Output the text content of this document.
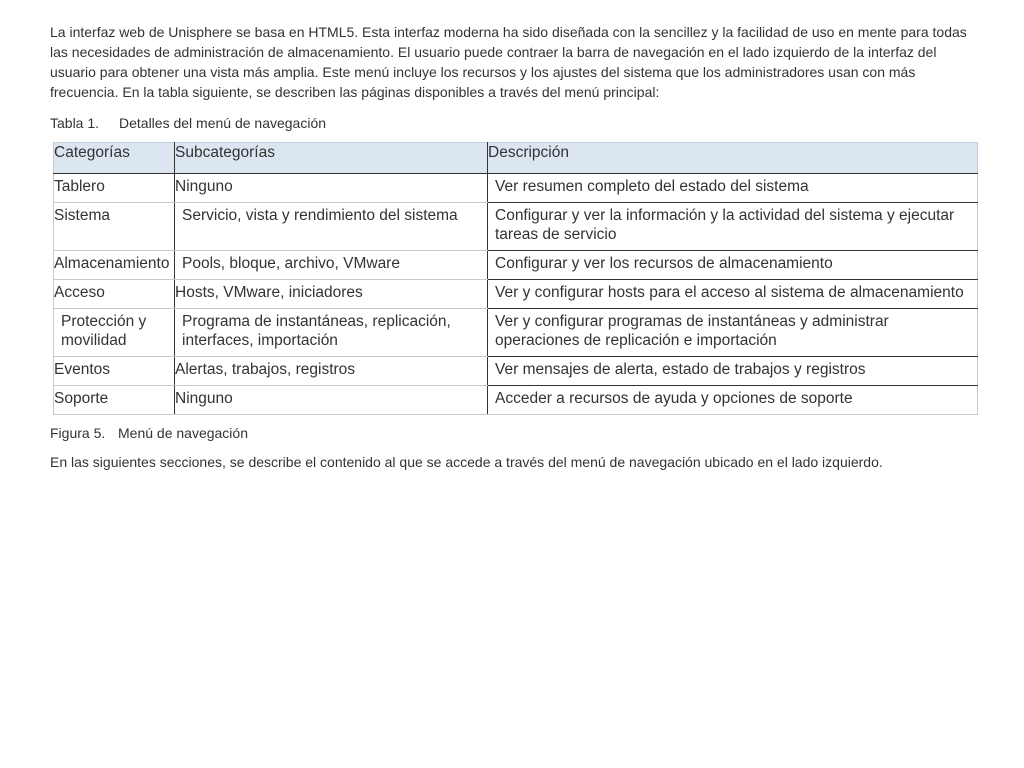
La interfaz web de Unisphere se basa en HTML5. Esta interfaz moderna ha sido diseñada con la sencillez y la facilidad de uso en mente para todas las necesidades de administración de almacenamiento. El usuario puede contraer la barra de navegación en el lado izquierdo de la interfaz del usuario para obtener una vista más amplia. Este menú incluye los recursos y los ajustes del sistema que los administradores usan con más frecuencia. En la tabla siguiente, se describen las páginas disponibles a través del menú principal:

Tabla 1. Detalles del menú de navegación

Categorías	Subcategorías	Descripción
Tablero	Ninguno	Ver resumen completo del estado del sistema
Sistema	Servicio, vista y rendimiento del sistema	Configurar y ver la información y la actividad del sistema y ejecutar tareas de servicio
Almacenamiento	Pools, bloque, archivo, VMware	Configurar y ver los recursos de almacenamiento
Acceso	Hosts, VMware, iniciadores	Ver y configurar hosts para el acceso al sistema de almacenamiento
Protección y movilidad	Programa de instantáneas, replicación, interfaces, importación	Ver y configurar programas de instantáneas y administrar operaciones de replicación e importación
Eventos	Alertas, trabajos, registros	Ver mensajes de alerta, estado de trabajos y registros
Soporte	Ninguno	Acceder a recursos de ayuda y opciones de soporte

Figura 5. Menú de navegación

En las siguientes secciones, se describe el contenido al que se accede a través del menú de navegación ubicado en el lado izquierdo.
